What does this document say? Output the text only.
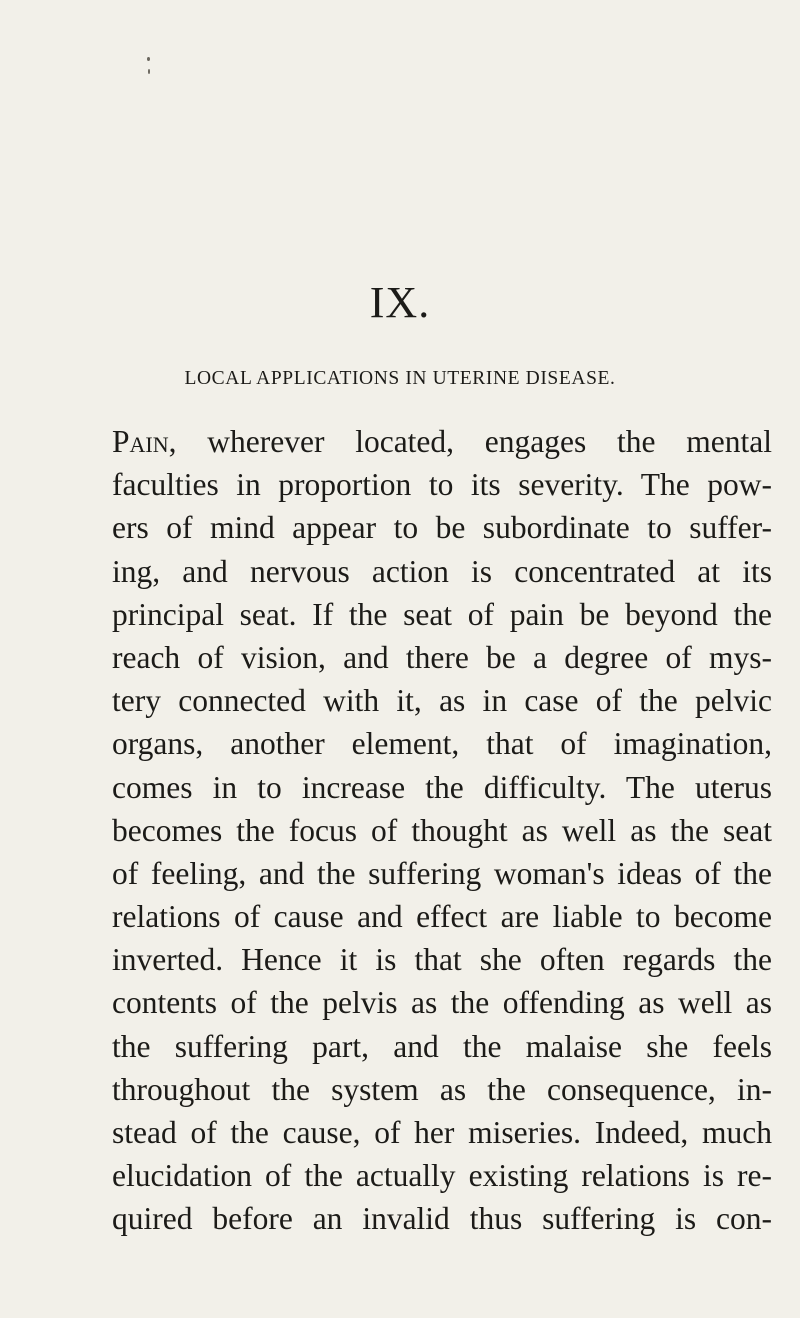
IX.
LOCAL APPLICATIONS IN UTERINE DISEASE.
Pain, wherever located, engages the mental
faculties in proportion to its severity. The pow-
ers of mind appear to be subordinate to suffer-
ing, and nervous action is concentrated at its
principal seat. If the seat of pain be beyond the
reach of vision, and there be a degree of mys-
tery connected with it, as in case of the pelvic
organs, another element, that of imagination,
comes in to increase the difficulty. The uterus
becomes the focus of thought as well as the seat
of feeling, and the suffering woman's ideas of the
relations of cause and effect are liable to become
inverted. Hence it is that she often regards the
contents of the pelvis as the offending as well as
the suffering part, and the malaise she feels
throughout the system as the consequence, in-
stead of the cause, of her miseries. Indeed, much
elucidation of the actually existing relations is re-
quired before an invalid thus suffering is con-
